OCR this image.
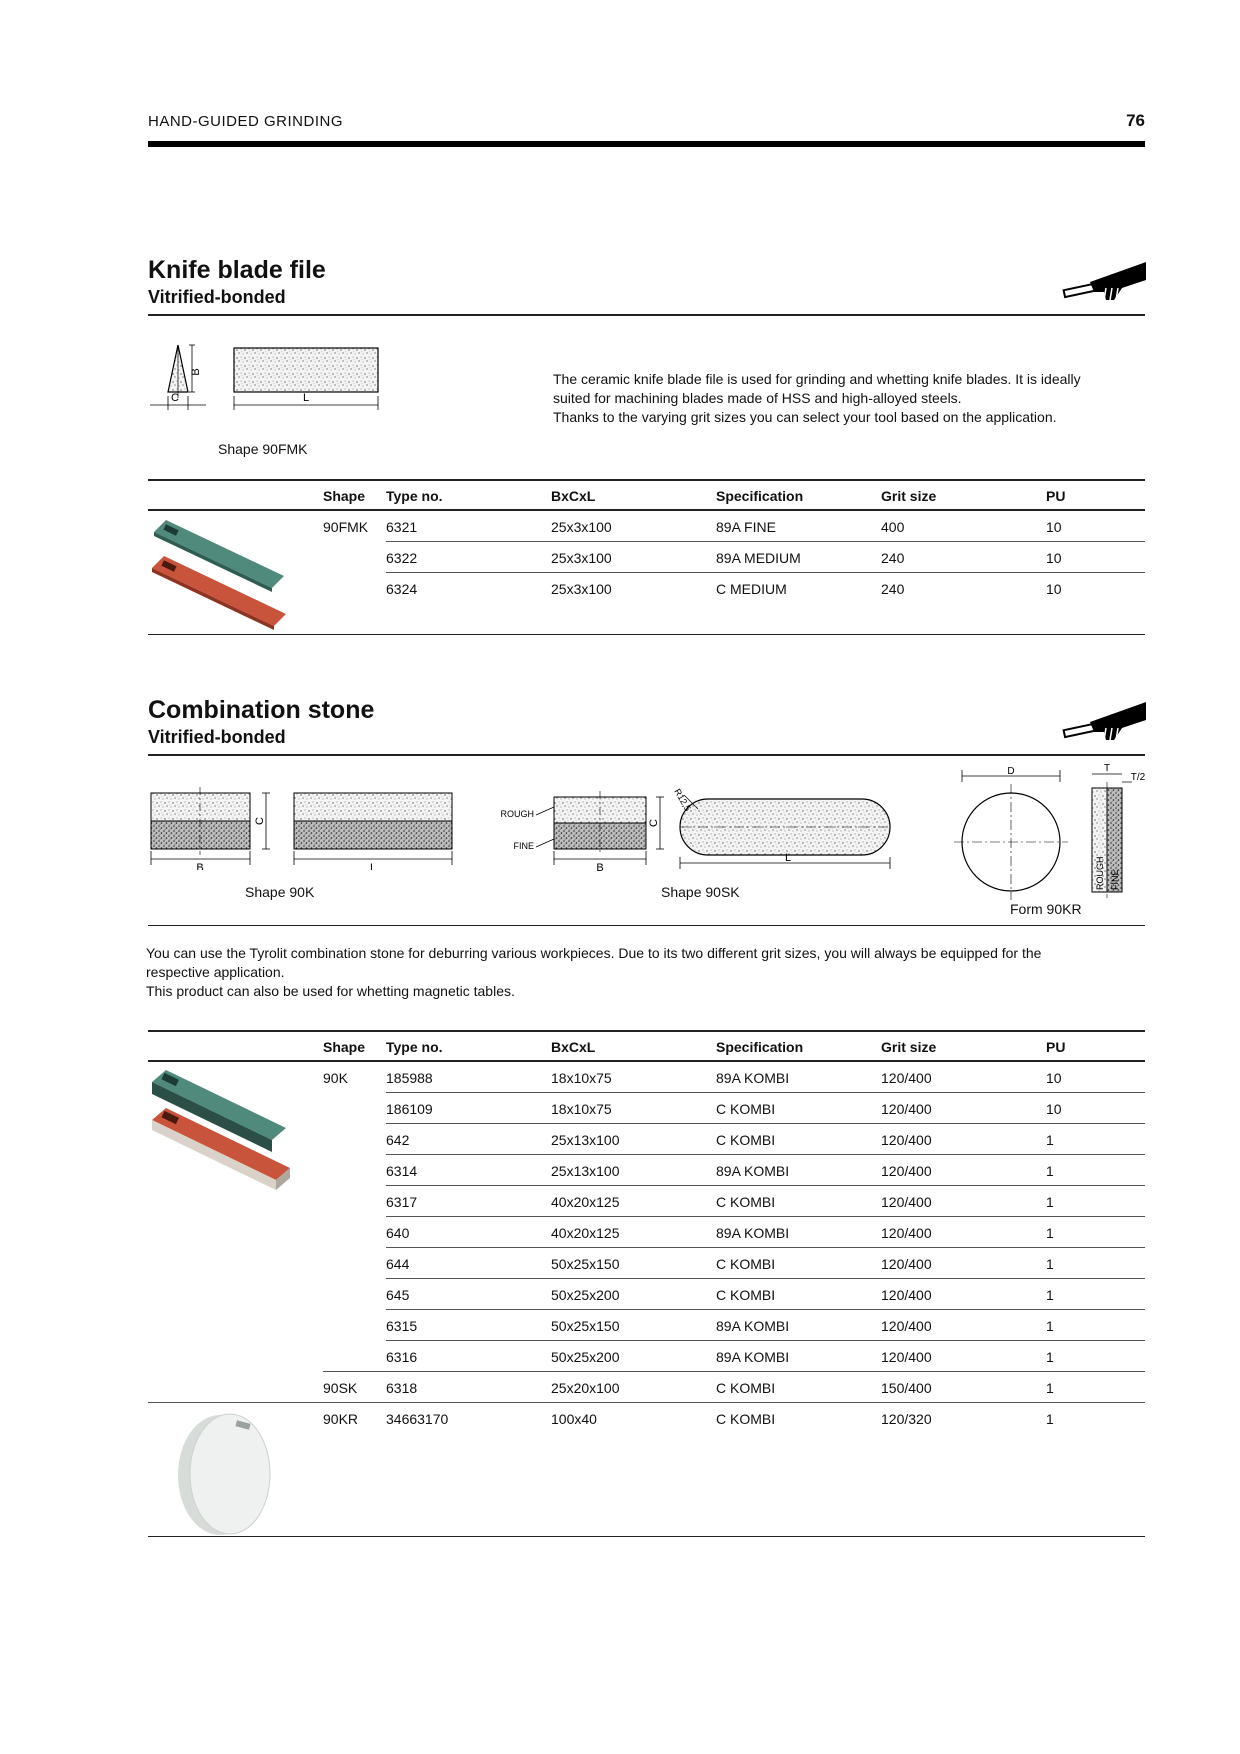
HAND-GUIDED GRINDING	76
Knife blade file
Vitrified-bonded
B
C	L
Shape 90FMK
The ceramic knife blade file is used for grinding and whetting knife blades. It is ideally
suited for machining blades made of HSS and high-alloyed steels.
Thanks to the varying grit sizes you can select your tool based on the application.
Shape Type no.	BxCxL	Specification	Grit size	PU
90FMK 6321	25x3x100	89A FINE	400	10
6322	25x3x100	89A MEDIUM	240	10
6324	25x3x100	C MEDIUM	240	10
Combination stone
Vitrified-bonded
C
B	L
Shape 90K
ROUGH
FINE
C
B
R12,5
L
Shape 90SK
D	T
T/2
ROUGH FINE
Form 90KR
You can use the Tyrolit combination stone for deburring various workpieces. Due to its two different grit sizes, you will always be equipped for the
respective application.
This product can also be used for whetting magnetic tables.
Shape Type no.	BxCxL	Specification	Grit size	PU
90K	185988	18x10x75	89A KOMBI	120/400	10
186109	18x10x75	C KOMBI	120/400	10
642	25x13x100	C KOMBI	120/400	1
6314	25x13x100	89A KOMBI	120/400	1
6317	40x20x125	C KOMBI	120/400	1
640	40x20x125	89A KOMBI	120/400	1
644	50x25x150	C KOMBI	120/400	1
645	50x25x200	C KOMBI	120/400	1
6315	50x25x150	89A KOMBI	120/400	1
6316	50x25x200	89A KOMBI	120/400	1
90SK 6318	25x20x100	C KOMBI	150/400	1
90KR 34663170	100x40	C KOMBI	120/320	1
